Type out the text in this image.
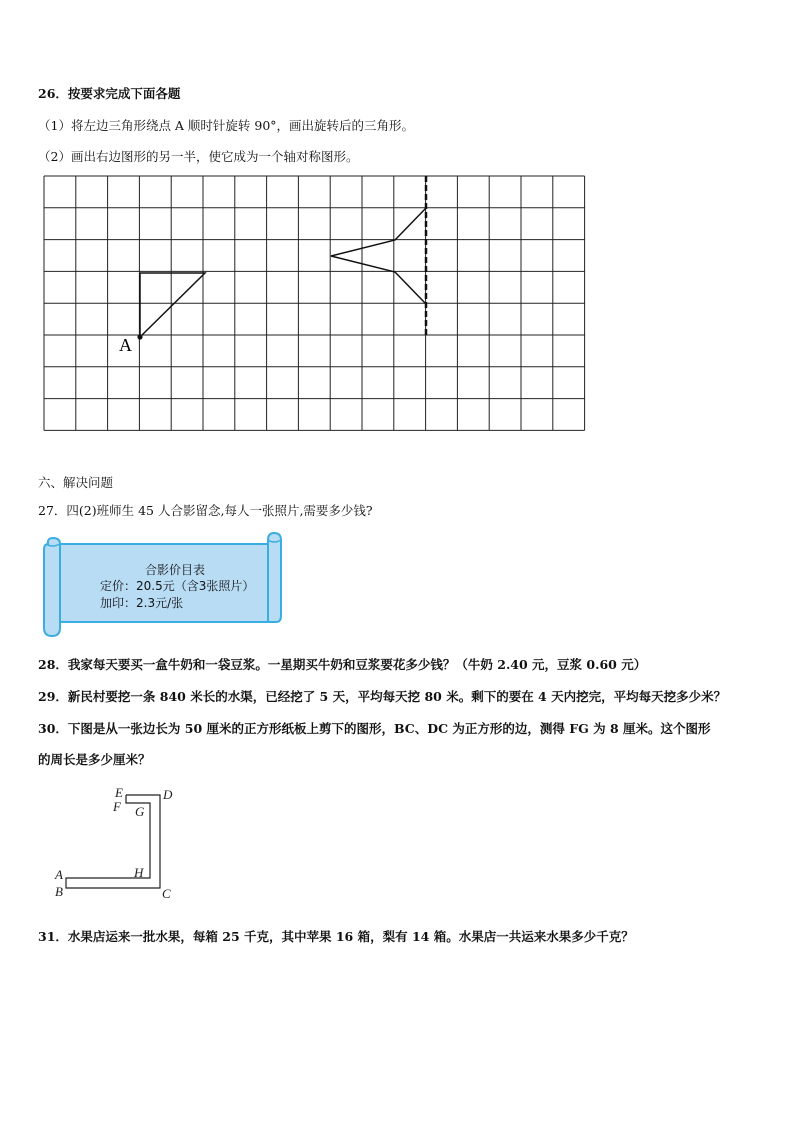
26．按要求完成下面各题
（1）将左边三角形绕点 A 顺时针旋转 90°，画出旋转后的三角形。
（2）画出右边图形的另一半，使它成为一个轴对称图形。
A
六、解决问题
27．四(2)班师生 45 人合影留念,每人一张照片,需要多少钱?
合影价目表
定价：20.5元（含3张照片）
加印：2.3元/张
28．我家每天要买一盒牛奶和一袋豆浆。一星期买牛奶和豆浆要花多少钱？（牛奶 2.40 元，豆浆 0.60 元）
29．新民村要挖一条 840 米长的水渠，已经挖了 5 天，平均每天挖 80 米。剩下的要在 4 天内挖完，平均每天挖多少米？
30．下图是从一张边长为 50 厘米的正方形纸板上剪下的图形，BC、DC 为正方形的边，测得 FG 为 8 厘米。这个图形
的周长是多少厘米？
E
F G
D
A
B
H
C
31．水果店运来一批水果，每箱 25 千克，其中苹果 16 箱，梨有 14 箱。水果店一共运来水果多少千克？
